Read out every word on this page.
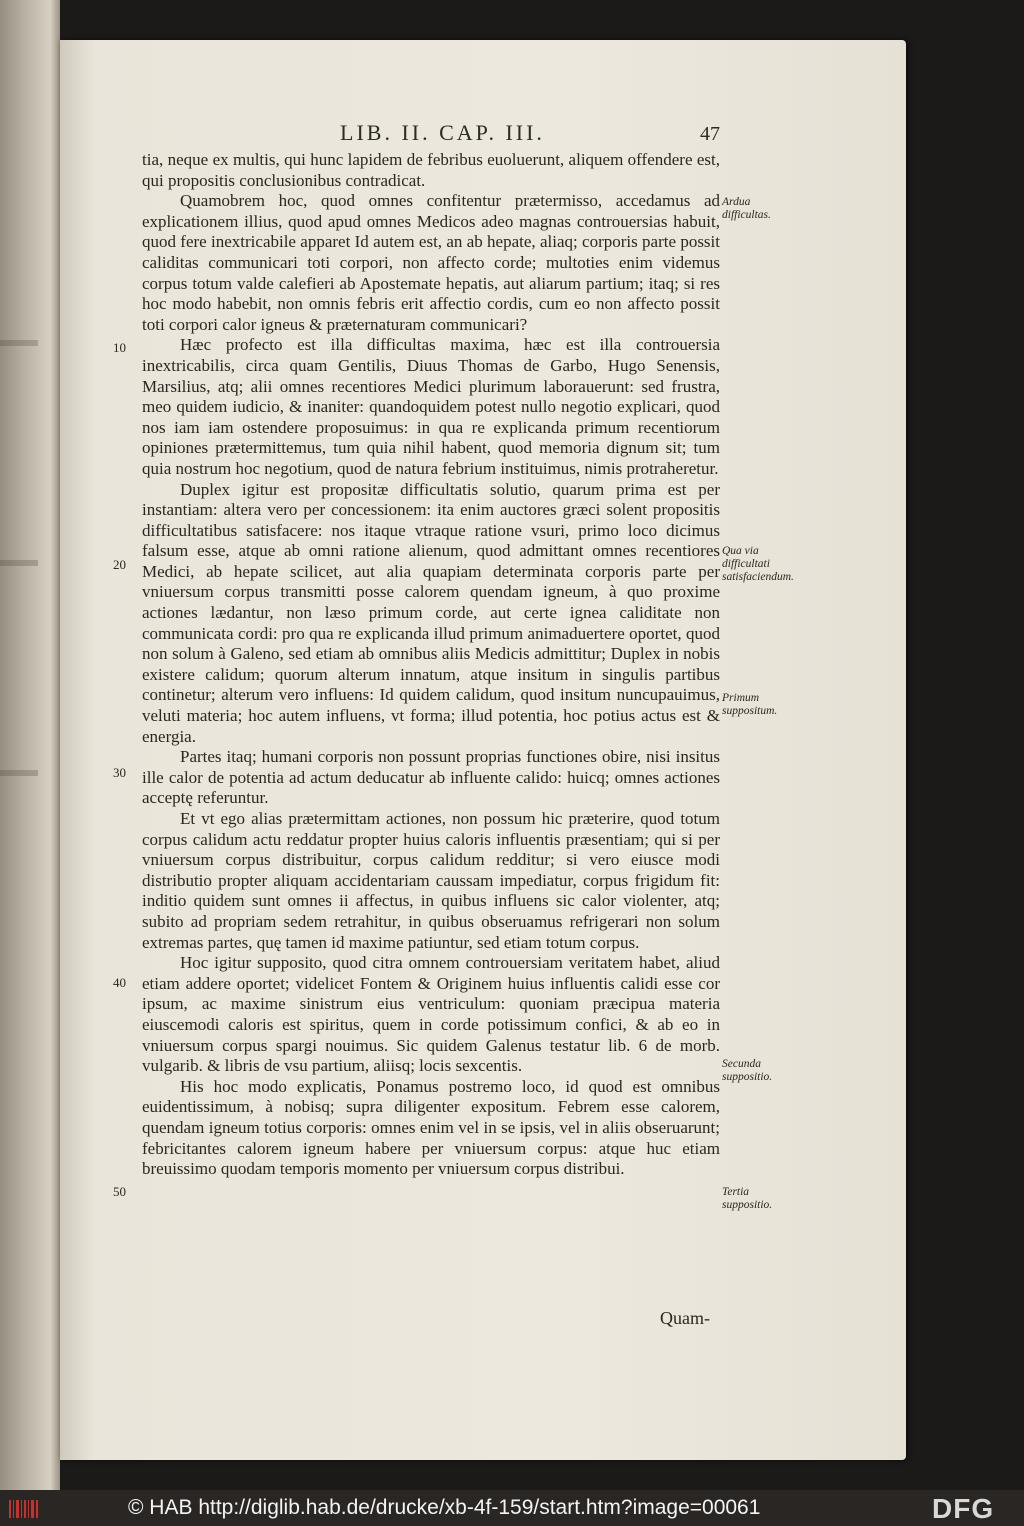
LIB. II. CAP. III.	47

tia, neque ex multis, qui hunc lapidem de febribus euoluerunt, aliquem offendere est, qui propositis conclusionibus contradicat.

Quamobrem hoc, quod omnes confitentur prætermisso, accedamus ad explicationem illius, quod apud omnes Medicos adeo magnas controuersias habuit, quod fere inextricabile apparet Id autem est, an ab hepate, aliaq; corporis parte possit caliditas communicari toti corpori, non affecto corde; multoties enim videmus corpus totum valde calefieri ab Apostemate hepatis, aut aliarum partium; itaq; si res hoc modo habebit, non omnis febris erit affectio cordis, cum eo non affecto possit toti corpori calor igneus & præternaturam communicari?

Hæc profecto est illa difficultas maxima, hæc est illa controuersia inextricabilis, circa quam Gentilis, Diuus Thomas de Garbo, Hugo Senensis, Marsilius, atq; alii omnes recentiores Medici plurimum laborauerunt: sed frustra, meo quidem iudicio, & inaniter: quandoquidem potest nullo negotio explicari, quod nos iam iam ostendere proposuimus: in qua re explicanda primum recentiorum opiniones prætermittemus, tum quia nihil habent, quod memoria dignum sit; tum quia nostrum hoc negotium, quod de natura febrium instituimus, nimis protraheretur.

Duplex igitur est propositæ difficultatis solutio, quarum prima est per instantiam: altera vero per concessionem: ita enim auctores græci solent propositis difficultatibus satisfacere: nos itaque vtraque ratione vsuri, primo loco dicimus falsum esse, atque ab omni ratione alienum, quod admittant omnes recentiores Medici, ab hepate scilicet, aut alia quapiam determinata corporis parte per vniuersum corpus transmitti posse calorem quendam igneum, à quo proxime actiones lædantur, non læso primum corde, aut certe ignea caliditate non communicata cordi: pro qua re explicanda illud primum animaduertere oportet, quod non solum à Galeno, sed etiam ab omnibus aliis Medicis admittitur; Duplex in nobis existere calidum; quorum alterum innatum, atque insitum in singulis partibus continetur; alterum vero influens: Id quidem calidum, quod insitum nuncupauimus, veluti materia; hoc autem influens, vt forma; illud potentia, hoc potius actus est & energia.

Partes itaq; humani corporis non possunt proprias functiones obire, nisi insitus ille calor de potentia ad actum deducatur ab influente calido: huicq; omnes actiones acceptę referuntur.

Et vt ego alias prætermittam actiones, non possum hic præterire, quod totum corpus calidum actu reddatur propter huius caloris influentis præsentiam; qui si per vniuersum corpus distribuitur, corpus calidum redditur; si vero eiusce modi distributio propter aliquam accidentariam caussam impediatur, corpus frigidum fit: inditio quidem sunt omnes ii affectus, in quibus influens sic calor violenter, atq; subito ad propriam sedem retrahitur, in quibus obseruamus refrigerari non solum extremas partes, quę tamen id maxime patiuntur, sed etiam totum corpus.

Hoc igitur supposito, quod citra omnem controuersiam veritatem habet, aliud etiam addere oportet; videlicet Fontem & Originem huius influentis calidi esse cor ipsum, ac maxime sinistrum eius ventriculum: quoniam præcipua materia eiuscemodi caloris est spiritus, quem in corde potissimum confici, & ab eo in vniuersum corpus spargi nouimus. Sic quidem Galenus testatur lib. 6 de morb. vulgarib. & libris de vsu partium, aliisq; locis sexcentis.

His hoc modo explicatis, Ponamus postremo loco, id quod est omnibus euidentissimum, à nobisq; supra diligenter expositum. Febrem esse calorem, quendam igneum totius corporis: omnes enim vel in se ipsis, vel in aliis obseruarunt; febricitantes calorem igneum habere per vniuersum corpus: atque huc etiam breuissimo quodam temporis momento per vniuersum corpus distribui.

Ardua difficultas.
Qua via difficultati satisfaciendum.
Primum suppositum.
Secunda suppositio.
Tertia suppositio.
10
20
30
40
50
Quam-
© HAB http://diglib.hab.de/drucke/xb-4f-159/start.htm?image=00061	DFG
